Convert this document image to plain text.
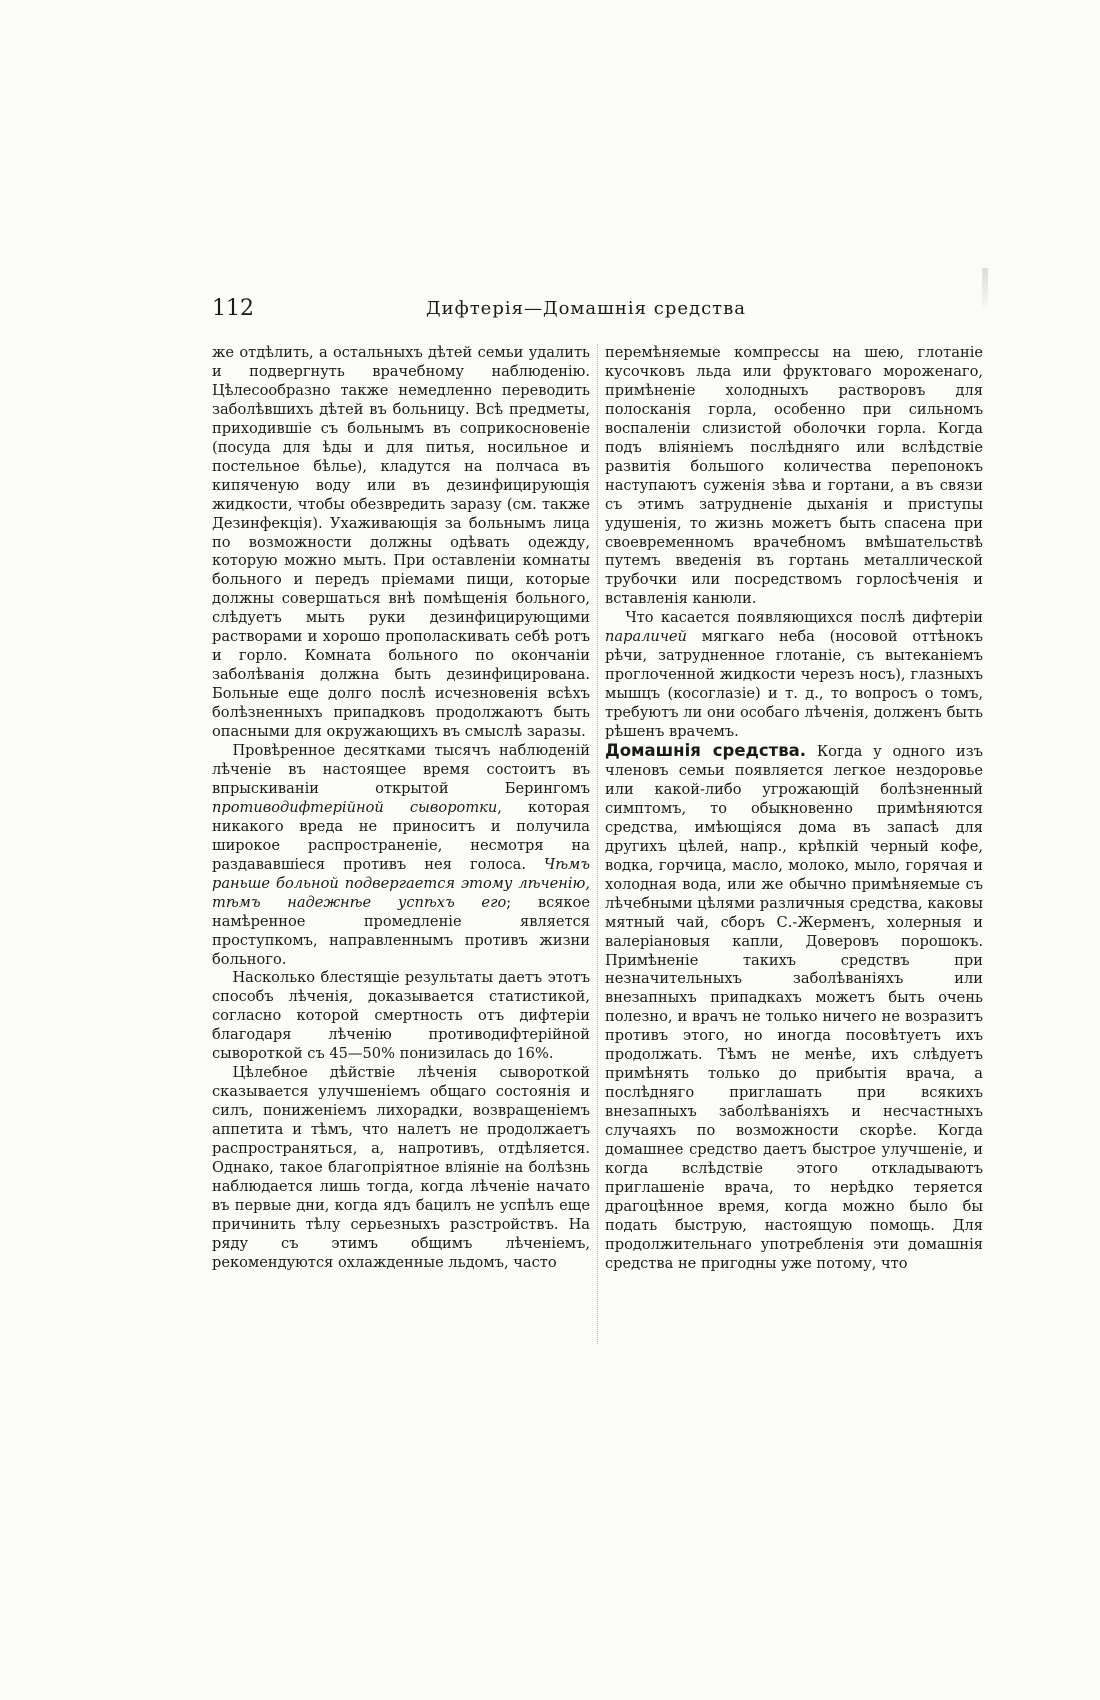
112	Дифтерія—Домашнія средства

же отдѣлить, а остальныхъ дѣтей семьи удалить и подвергнуть врачебному наблюденію. Цѣлесообразно также немедленно переводить заболѣвшихъ дѣтей въ больницу. Всѣ предметы, приходившіе съ больнымъ въ соприкосновеніе (посуда для ѣды и для питья, носильное и постельное бѣлье), кладутся на полчаса въ кипяченую воду или въ дезинфицирующія жидкости, чтобы обезвредить заразу (см. также Дезинфекція). Ухаживающія за больнымъ лица по возможности должны одѣвать одежду, которую можно мыть. При оставленіи комнаты больного и передъ пріемами пищи, которые должны совершаться внѣ помѣщенія больного, слѣдуетъ мыть руки дезинфицирующими растворами и хорошо прополаскивать себѣ ротъ и горло. Комната больного по окончаніи заболѣванія должна быть дезинфицирована. Больные еще долго послѣ исчезновенія всѣхъ болѣзненныхъ припадковъ продолжаютъ быть опасными для окружающихъ въ смыслѣ заразы.

Провѣренное десятками тысячъ наблюденій лѣченіе въ настоящее время состоитъ въ впрыскиваніи открытой Берингомъ противодифтерійной сыворотки, которая никакого вреда не приноситъ и получила широкое распространеніе, несмотря на раздававшіеся противъ нея голоса. Чѣмъ раньше больной подвергается этому лѣченію, тѣмъ надежнѣе успѣхъ его; всякое намѣренное промедленіе является проступкомъ, направленнымъ противъ жизни больного.

Насколько блестящіе результаты даетъ этотъ способъ лѣченія, доказывается статистикой, согласно которой смертность отъ дифтеріи благодаря лѣченію противодифтерійной сывороткой съ 45—50% понизилась до 16%.

Цѣлебное дѣйствіе лѣченія сывороткой сказывается улучшеніемъ общаго состоянія и силъ, пониженіемъ лихорадки, возвращеніемъ аппетита и тѣмъ, что налетъ не продолжаетъ распространяться, а, напротивъ, отдѣляется. Однако, такое благопріятное вліяніе на болѣзнь наблюдается лишь тогда, когда лѣченіе начато въ первые дни, когда ядъ бацилъ не успѣлъ еще причинить тѣлу серьезныхъ разстройствъ. На ряду съ этимъ общимъ лѣченіемъ, рекомендуются охлажденные льдомъ, часто

перемѣняемые компрессы на шею, глотаніе кусочковъ льда или фруктоваго мороженаго, примѣненіе холодныхъ растворовъ для полосканія горла, особенно при сильномъ воспаленіи слизистой оболочки горла. Когда подъ вліяніемъ послѣдняго или вслѣдствіе развитія большого количества перепонокъ наступаютъ суженія зѣва и гортани, а въ связи съ этимъ затрудненіе дыханія и приступы удушенія, то жизнь можетъ быть спасена при своевременномъ врачебномъ вмѣшательствѣ путемъ введенія въ гортань металлической трубочки или посредствомъ горлосѣченія и вставленія канюли.

Что касается появляющихся послѣ дифтеріи параличей мягкаго неба (носовой оттѣнокъ рѣчи, затрудненное глотаніе, съ вытеканіемъ проглоченной жидкости черезъ носъ), глазныхъ мышцъ (косоглазіе) и т. д., то вопросъ о томъ, требуютъ ли они особаго лѣченія, долженъ быть рѣшенъ врачемъ.

Домашнія средства. Когда у одного изъ членовъ семьи появляется легкое нездоровье или какой-либо угрожающій болѣзненный симптомъ, то обыкновенно примѣняются средства, имѣющіяся дома въ запасѣ для другихъ цѣлей, напр., крѣпкій черный кофе, водка, горчица, масло, молоко, мыло, горячая и холодная вода, или же обычно примѣняемые съ лѣчебными цѣлями различныя средства, каковы мятный чай, сборъ С.-Жерменъ, холерныя и валеріановыя капли, Доверовъ порошокъ. Примѣненіе такихъ средствъ при незначительныхъ заболѣваніяхъ или внезапныхъ припадкахъ можетъ быть очень полезно, и врачъ не только ничего не возразитъ противъ этого, но иногда посовѣтуетъ ихъ продолжать. Тѣмъ не менѣе, ихъ слѣдуетъ примѣнять только до прибытія врача, а послѣдняго приглашать при всякихъ внезапныхъ заболѣваніяхъ и несчастныхъ случаяхъ по возможности скорѣе. Когда домашнее средство даетъ быстрое улучшеніе, и когда вслѣдствіе этого откладываютъ приглашеніе врача, то нерѣдко теряется драгоцѣнное время, когда можно было бы подать быструю, настоящую помощь. Для продолжительнаго употребленія эти домашнія средства не пригодны уже потому, что
